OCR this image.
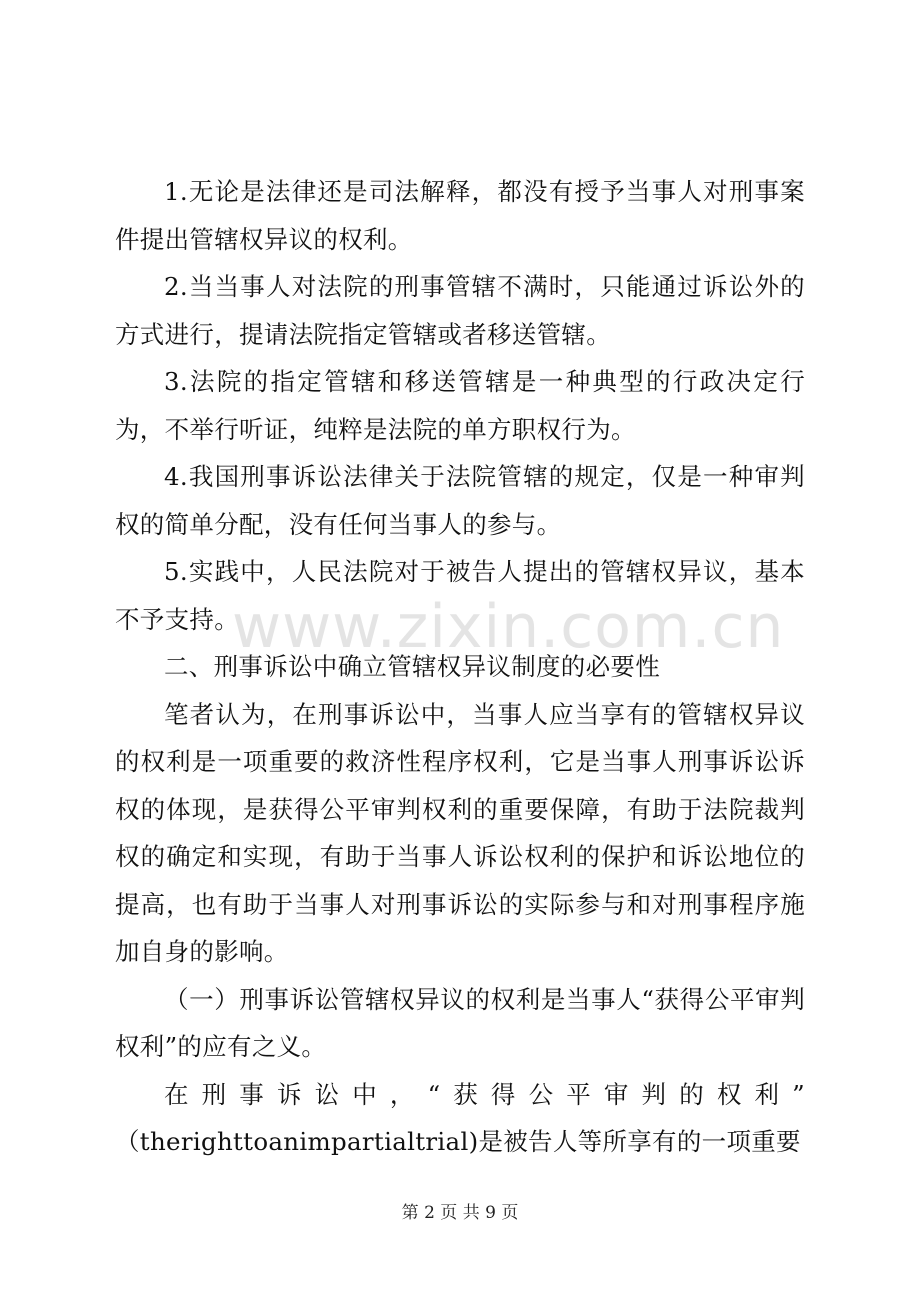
www.zixin.com.cn

1.无论是法律还是司法解释，都没有授予当事人对刑事案件提出管辖权异议的权利。

2.当当事人对法院的刑事管辖不满时，只能通过诉讼外的方式进行，提请法院指定管辖或者移送管辖。

3.法院的指定管辖和移送管辖是一种典型的行政决定行为，不举行听证，纯粹是法院的单方职权行为。

4.我国刑事诉讼法律关于法院管辖的规定，仅是一种审判权的简单分配，没有任何当事人的参与。

5.实践中，人民法院对于被告人提出的管辖权异议，基本不予支持。

二、刑事诉讼中确立管辖权异议制度的必要性

笔者认为，在刑事诉讼中，当事人应当享有的管辖权异议的权利是一项重要的救济性程序权利，它是当事人刑事诉讼诉权的体现，是获得公平审判权利的重要保障，有助于法院裁判权的确定和实现，有助于当事人诉讼权利的保护和诉讼地位的提高，也有助于当事人对刑事诉讼的实际参与和对刑事程序施加自身的影响。

（一）刑事诉讼管辖权异议的权利是当事人“获得公平审判权利”的应有之义。

在刑事诉讼中，“获得公平审判的权利”

（therighttoanimpartialtrial)是被告人等所享有的一项重要

第 2 页 共 9 页
